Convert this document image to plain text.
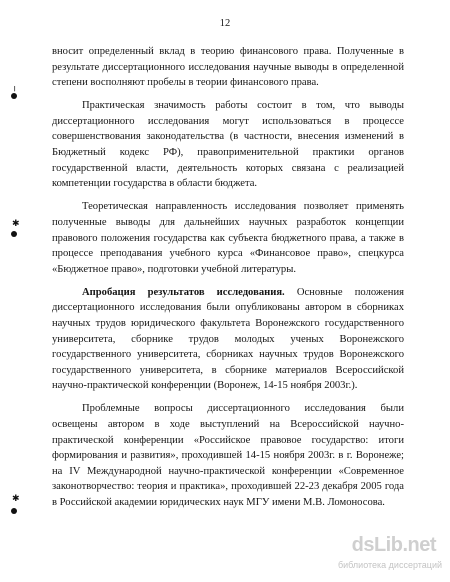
12

вносит определенный вклад в теорию финансового права. Полученные в результате диссертационного исследования научные выводы в определенной степени восполняют пробелы в теории финансового права.

Практическая значимость работы состоит в том, что выводы диссертационного исследования могут использоваться в процессе совершенствования законодательства (в частности, внесения изменений в Бюджетный кодекс РФ), правоприменительной практики органов государственной власти, деятельность которых связана с реализацией компетенции государства в области бюджета.

Теоретическая направленность исследования позволяет применять полученные выводы для дальнейших научных разработок концепции правового положения государства как субъекта бюджетного права, а также в процессе преподавания учебного курса «Финансовое право», спецкурса «Бюджетное право», подготовки учебной литературы.

Апробация результатов исследования. Основные положения диссертационного исследования были опубликованы автором в сборниках научных трудов юридического факультета Воронежского государственного университета, сборнике трудов молодых ученых Воронежского государственного университета, сборниках научных трудов Воронежского государственного университета, в сборнике материалов Всероссийской научно-практической конференции (Воронеж, 14-15 ноября 2003г.).

Проблемные вопросы диссертационного исследования были освещены автором в ходе выступлений на Всероссийской научно-практической конференции «Российское правовое государство: итоги формирования и развития», проходившей 14-15 ноября 2003г. в г. Воронеже; на IV Международной научно-практической конференции «Современное законотворчество: теория и практика», проходившей 22-23 декабря 2005 года в Российской академии юридических наук МГУ имени М.В. Ломоносова.

╷
✱
✱
dsLib.net
библиотека диссертаций
